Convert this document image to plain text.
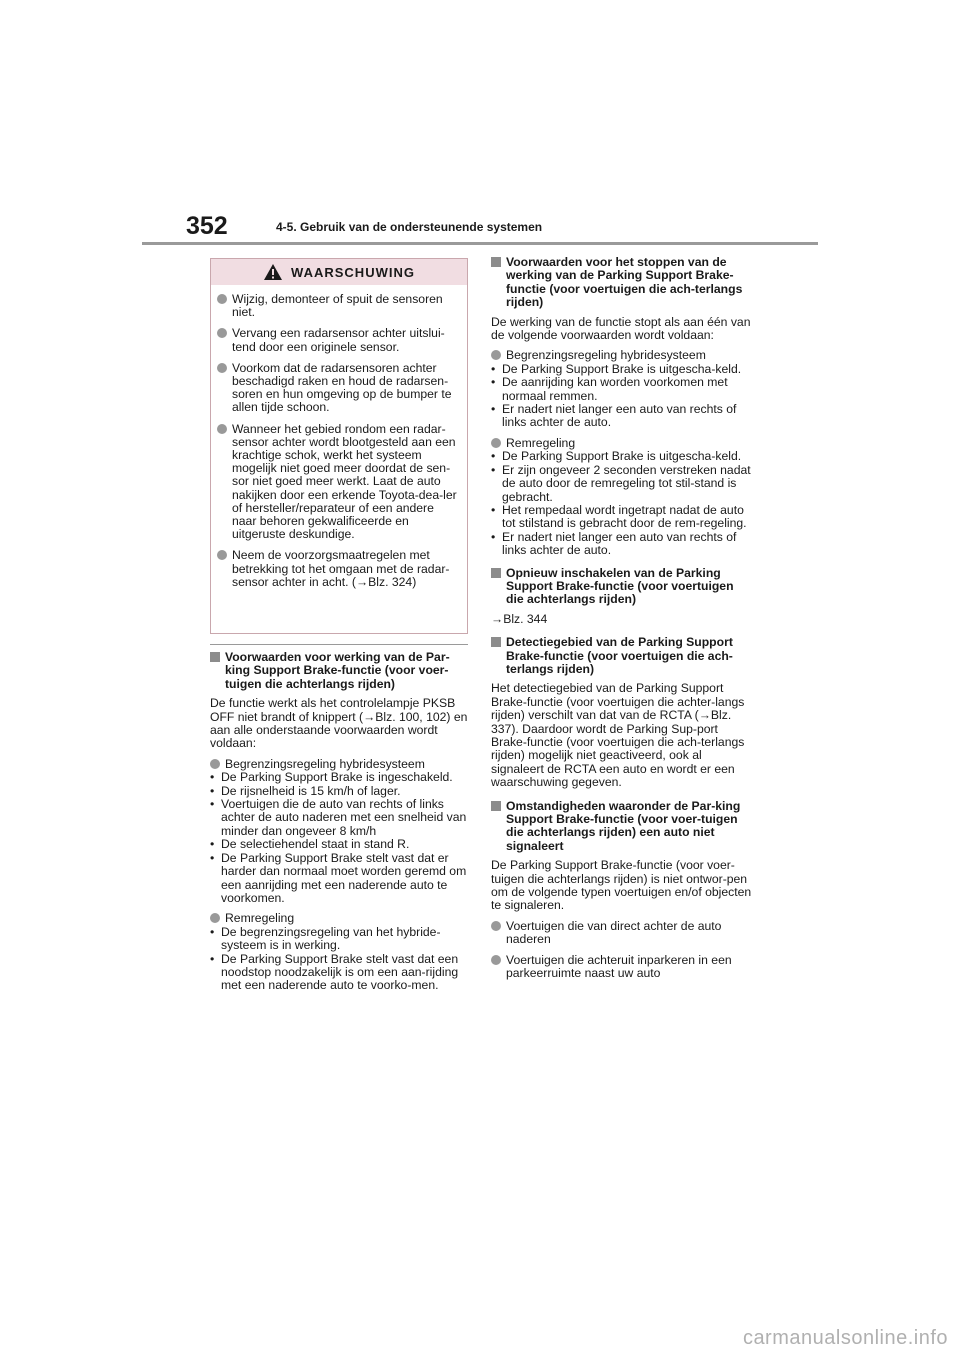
352	4-5. Gebruik van de ondersteunende systemen
WAARSCHUWING
Wijzig, demonteer of spuit de sensoren niet.
Vervang een radarsensor achter uitslui-tend door een originele sensor.
Voorkom dat de radarsensoren achter beschadigd raken en houd de radarsen-soren en hun omgeving op de bumper te allen tijde schoon.
Wanneer het gebied rondom een radar-sensor achter wordt blootgesteld aan een krachtige schok, werkt het systeem mogelijk niet goed meer doordat de sen-sor niet goed meer werkt. Laat de auto nakijken door een erkende Toyota-dea-ler of hersteller/reparateur of een andere naar behoren gekwalificeerde en uitgeruste deskundige.
Neem de voorzorgsmaatregelen met betrekking tot het omgaan met de radar-sensor achter in acht. (→Blz. 324)
Voorwaarden voor werking van de Par-king Support Brake-functie (voor voer-tuigen die achterlangs rijden)

De functie werkt als het controlelampje PKSB OFF niet brandt of knippert (→Blz. 100, 102) en aan alle onderstaande voorwaarden wordt voldaan:

Begrenzingsregeling hybridesysteem
• De Parking Support Brake is ingeschakeld.
• De rijsnelheid is 15 km/h of lager.
• Voertuigen die de auto van rechts of links achter de auto naderen met een snelheid van minder dan ongeveer 8 km/h
• De selectiehendel staat in stand R.
• De Parking Support Brake stelt vast dat er harder dan normaal moet worden geremd om een aanrijding met een naderende auto te voorkomen.
Remregeling
• De begrenzingsregeling van het hybride-systeem is in werking.
• De Parking Support Brake stelt vast dat een noodstop noodzakelijk is om een aan-rijding met een naderende auto te voorko-men.
Voorwaarden voor het stoppen van de werking van de Parking Support Brake-functie (voor voertuigen die ach-terlangs rijden)

De werking van de functie stopt als aan één van de volgende voorwaarden wordt voldaan:

Begrenzingsregeling hybridesysteem
• De Parking Support Brake is uitgescha-keld.
• De aanrijding kan worden voorkomen met normaal remmen.
• Er nadert niet langer een auto van rechts of links achter de auto.
Remregeling
• De Parking Support Brake is uitgescha-keld.
• Er zijn ongeveer 2 seconden verstreken nadat de auto door de remregeling tot stil-stand is gebracht.
• Het rempedaal wordt ingetrapt nadat de auto tot stilstand is gebracht door de rem-regeling.
• Er nadert niet langer een auto van rechts of links achter de auto.
Opnieuw inschakelen van de Parking Support Brake-functie (voor voertuigen die achterlangs rijden)

→Blz. 344

Detectiegebied van de Parking Support Brake-functie (voor voertuigen die ach-terlangs rijden)

Het detectiegebied van de Parking Support Brake-functie (voor voertuigen die achter-langs rijden) verschilt van dat van de RCTA (→Blz. 337). Daardoor wordt de Parking Sup-port Brake-functie (voor voertuigen die ach-terlangs rijden) mogelijk niet geactiveerd, ook al signaleert de RCTA een auto en wordt er een waarschuwing gegeven.

Omstandigheden waaronder de Par-king Support Brake-functie (voor voer-tuigen die achterlangs rijden) een auto niet signaleert

De Parking Support Brake-functie (voor voer-tuigen die achterlangs rijden) is niet ontwor-pen om de volgende typen voertuigen en/of objecten te signaleren.

Voertuigen die van direct achter de auto naderen
Voertuigen die achteruit inparkeren in een parkeerruimte naast uw auto
carmanualsonline.info
